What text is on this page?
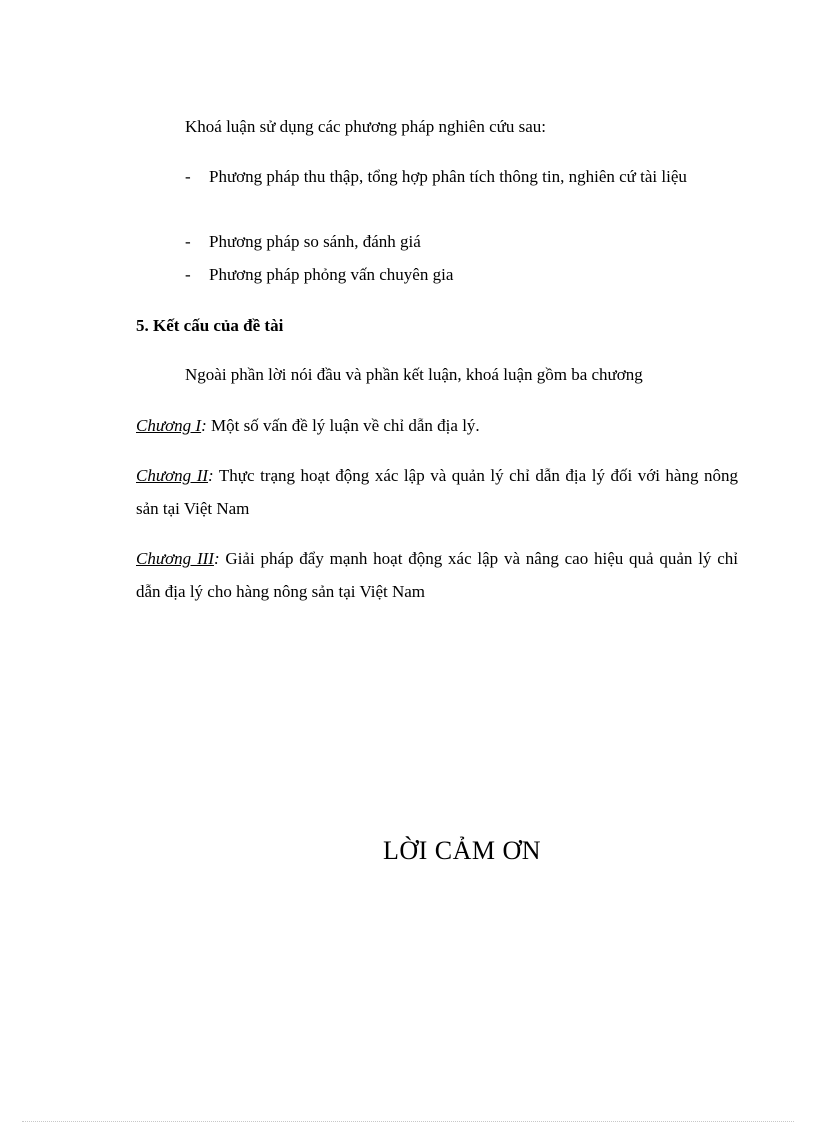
Khoá luận sử dụng các phương pháp nghiên cứu sau:

-	Phương pháp thu thập, tổng hợp phân tích thông tin, nghiên cứ tài liệu
-	Phương pháp so sánh, đánh giá
-	Phương pháp phỏng vấn chuyên gia
5. Kết cấu của đề tài

Ngoài phần lời nói đầu và phần kết luận, khoá luận gồm ba chương

Chương I: Một số vấn đề lý luận về chỉ dẫn địa lý.

Chương II: Thực trạng hoạt động xác lập và quản lý chỉ dẫn địa lý đối với hàng nông sản tại Việt Nam

Chương III: Giải pháp đẩy mạnh hoạt động xác lập và nâng cao hiệu quả quản lý chỉ dẫn địa lý cho hàng nông sản tại Việt Nam

LỜI CẢM ƠN
